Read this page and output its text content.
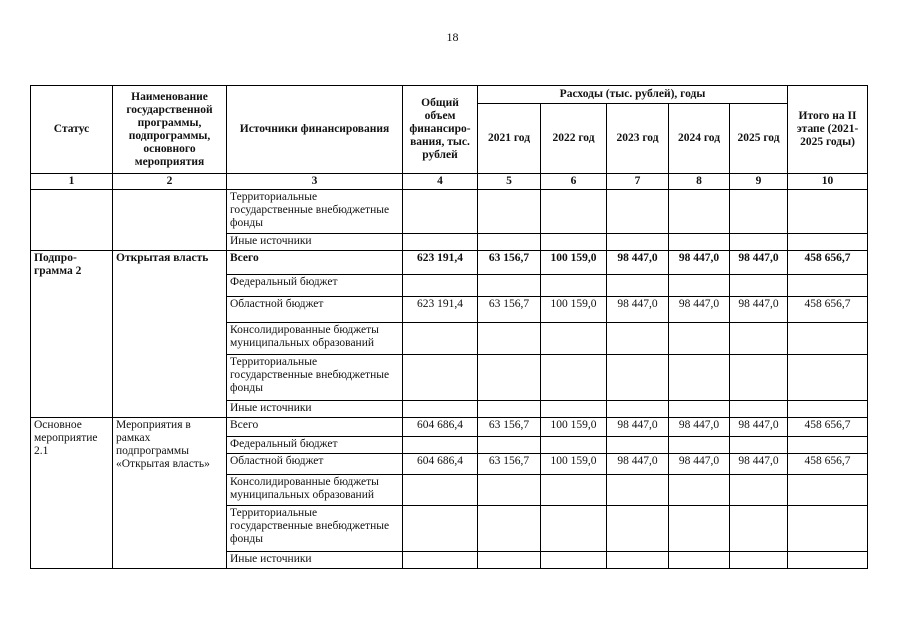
18
Статус	Наименование государственной программы, подпрограммы, основного мероприятия	Источники финансирования	Общий объем финансиро-вания, тыс. рублей	Расходы (тыс. рублей), годы					Итого на II этапе (2021-2025 годы)
				2021 год	2022 год	2023 год	2024 год	2025 год	
1	2	3	4	5	6	7	8	9	10
		Территориальные государственные внебюджетные фонды							
		Иные источники							
Подпро-грамма 2	Открытая власть	Всего	623 191,4	63 156,7	100 159,0	98 447,0	98 447,0	98 447,0	458 656,7
		Федеральный бюджет							
		Областной бюджет	623 191,4	63 156,7	100 159,0	98 447,0	98 447,0	98 447,0	458 656,7
		Консолидированные бюджеты муниципальных образований							
		Территориальные государственные внебюджетные фонды							
		Иные источники							
Основное мероприятие 2.1	Мероприятия в рамках подпрограммы «Открытая власть»	Всего	604 686,4	63 156,7	100 159,0	98 447,0	98 447,0	98 447,0	458 656,7
		Федеральный бюджет							
		Областной бюджет	604 686,4	63 156,7	100 159,0	98 447,0	98 447,0	98 447,0	458 656,7
		Консолидированные бюджеты муниципальных образований							
		Территориальные государственные внебюджетные фонды							
		Иные источники							
